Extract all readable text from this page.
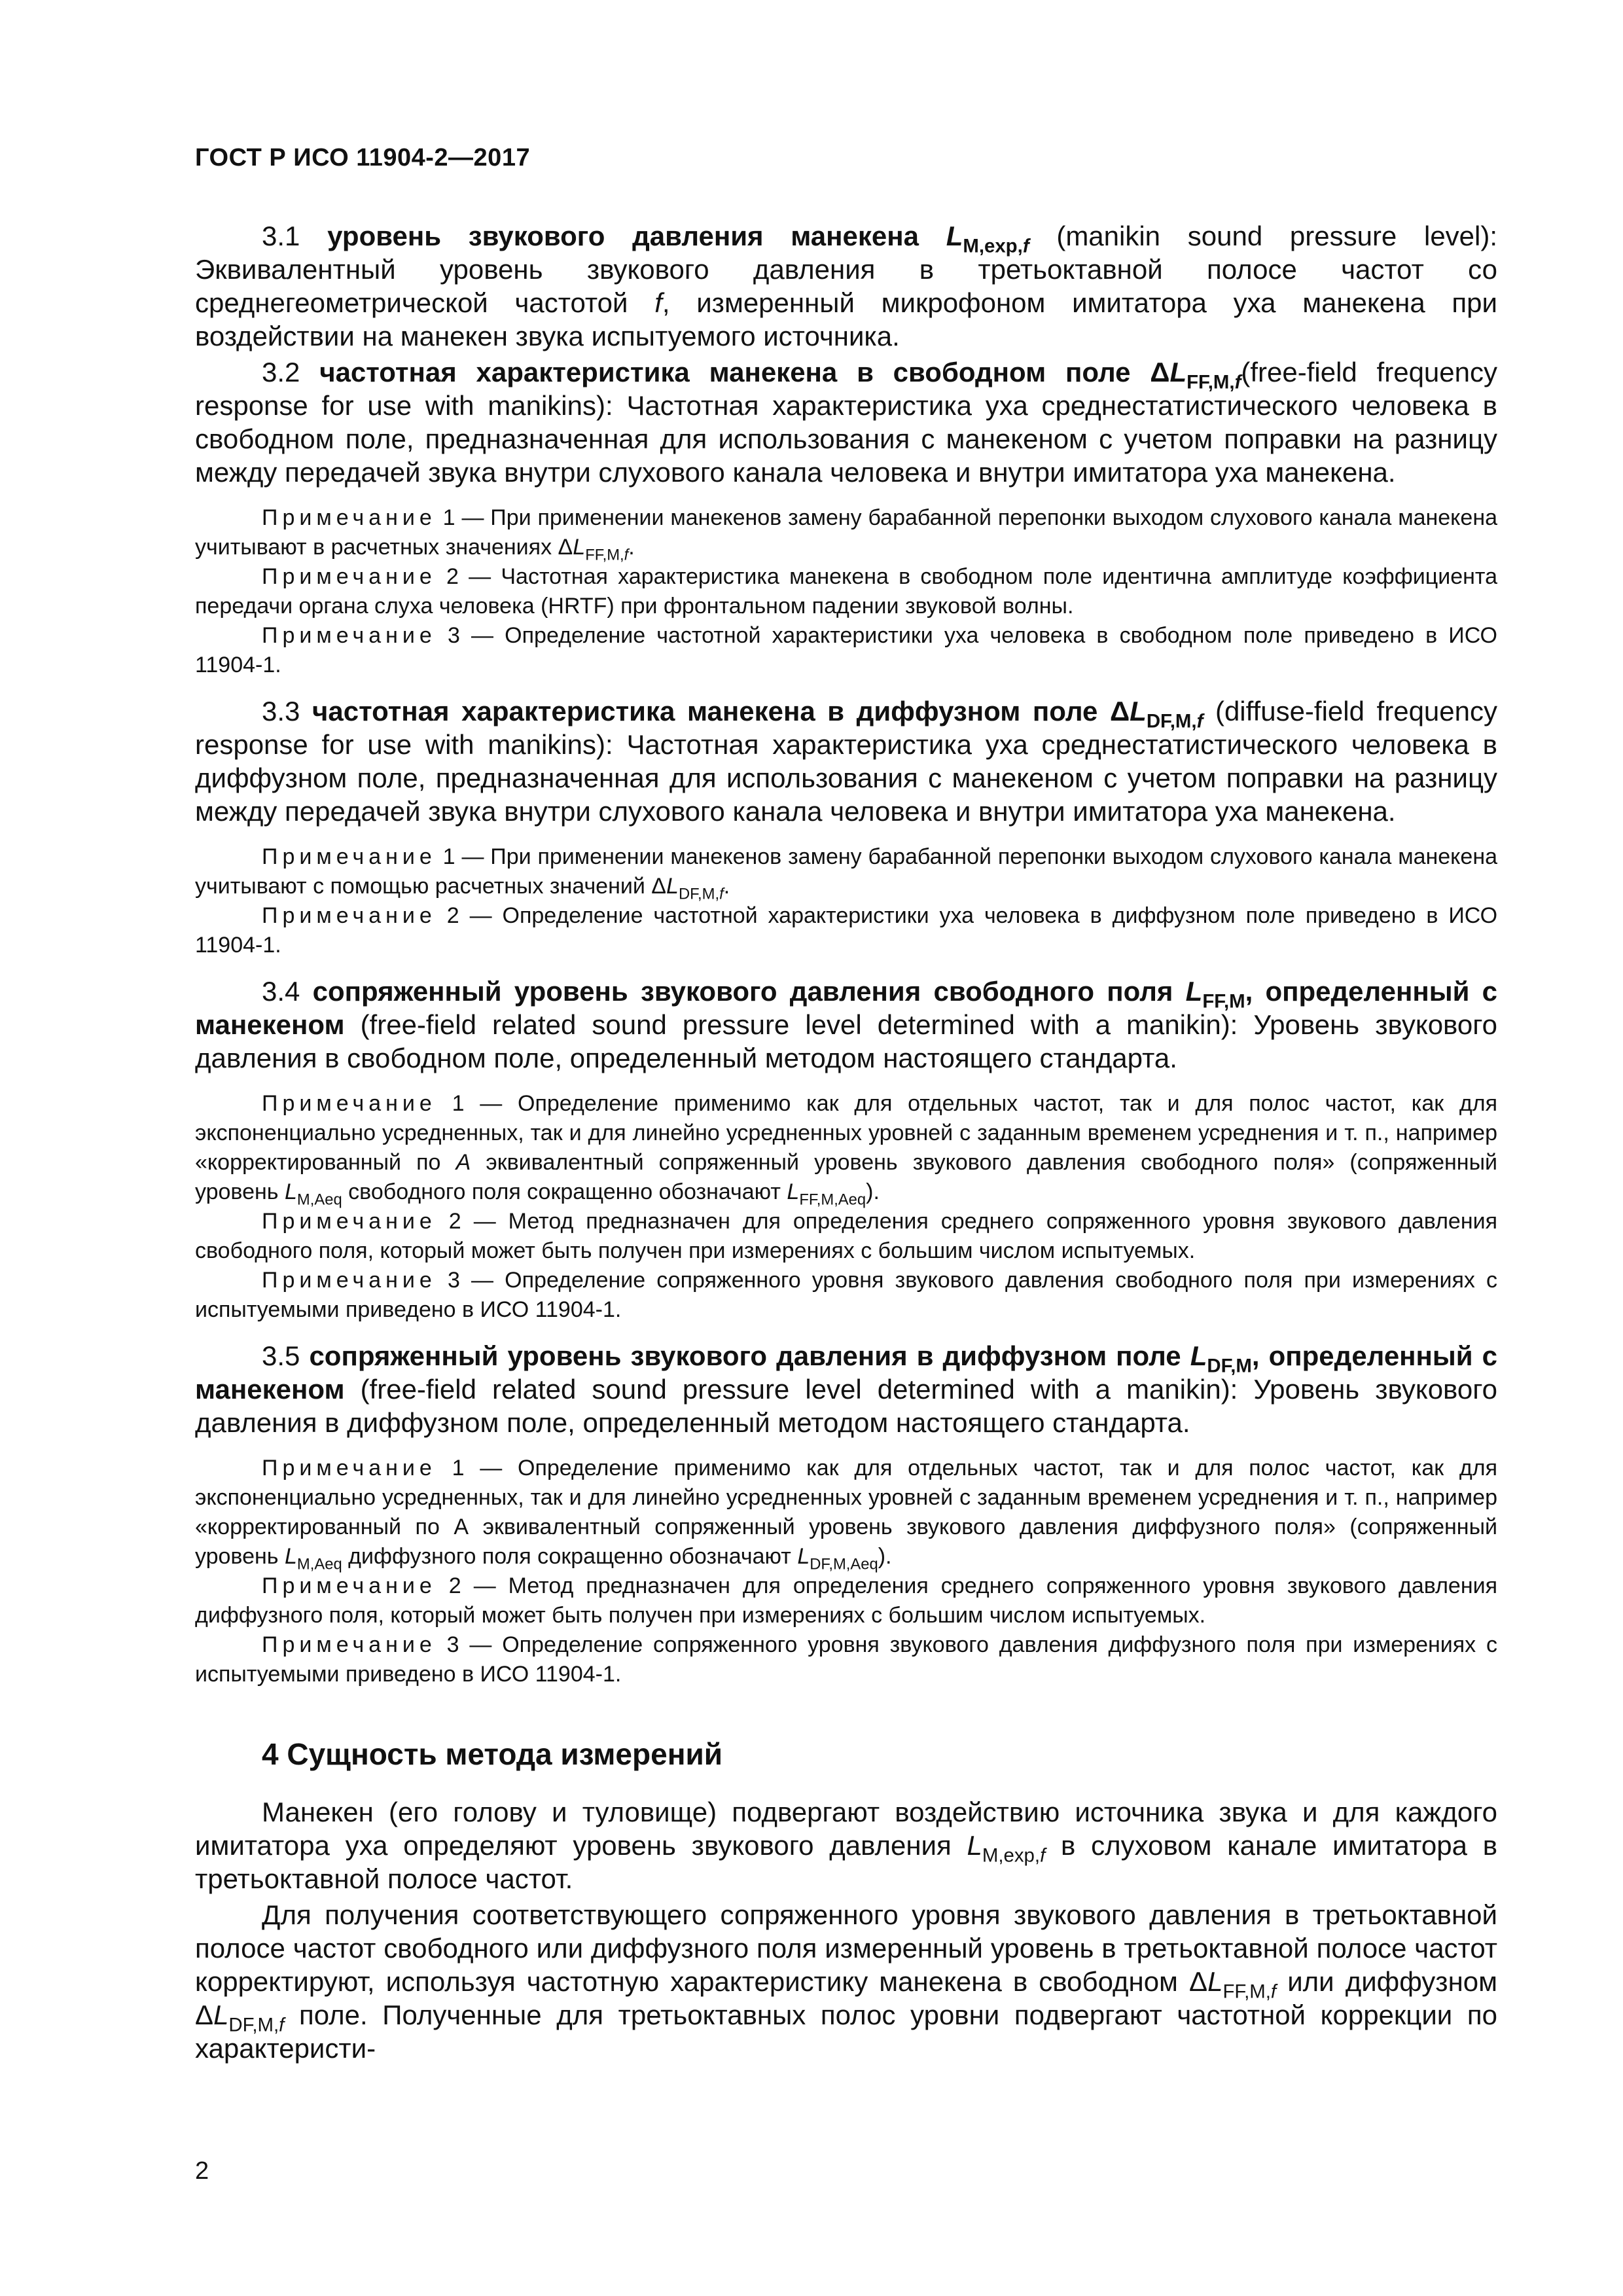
ГОСТ Р ИСО 11904-2—2017

3.1 уровень звукового давления манекена $L_{M,exp,f}$ (manikin sound pressure level): Эквивалентный уровень звукового давления в третьоктавной полосе частот со среднегеометрической частотой f, измеренный микрофоном имитатора уха манекена при воздействии на манекен звука испытуемого источника.

3.2 частотная характеристика манекена в свободном поле $\Delta L_{FF,M,f}(free$-field frequency response for use with manikins): Частотная характеристика уха среднестатистического человека в свободном поле, предназначенная для использования с манекеном с учетом поправки на разницу между передачей звука внутри слухового канала человека и внутри имитатора уха манекена.

Примечание 1 — При применении манекенов замену барабанной перепонки выходом слухового канала манекена учитывают в расчетных значениях $\Delta L_{FF,M,f}$.

Примечание 2 — Частотная характеристика манекена в свободном поле идентична амплитуде коэффициента передачи органа слуха человека (HRTF) при фронтальном падении звуковой волны.

Примечание 3 — Определение частотной характеристики уха человека в свободном поле приведено в ИСО 11904-1.

3.3 частотная характеристика манекена в диффузном поле $\Delta L_{DF,M,f}$ (diffuse-field frequency response for use with manikins): Частотная характеристика уха среднестатистического человека в диффузном поле, предназначенная для использования с манекеном с учетом поправки на разницу между передачей звука внутри слухового канала человека и внутри имитатора уха манекена.

Примечание 1 — При применении манекенов замену барабанной перепонки выходом слухового канала манекена учитывают с помощью расчетных значений $\Delta L_{DF,M,f}$.

Примечание 2 — Определение частотной характеристики уха человека в диффузном поле приведено в ИСО 11904-1.

3.4 сопряженный уровень звукового давления свободного поля $L_{FF,M}$, определенный с манекеном (free-field related sound pressure level determined with a manikin): Уровень звукового давления в свободном поле, определенный методом настоящего стандарта.

Примечание 1 — Определение применимо как для отдельных частот, так и для полос частот, как для экспоненциально усредненных, так и для линейно усредненных уровней с заданным временем усреднения и т. п., например «корректированный по A эквивалентный сопряженный уровень звукового давления свободного поля» (сопряженный уровень $L_{M,Aeq}$ свободного поля сокращенно обозначают $L_{FF,M,Aeq}$).

Примечание 2 — Метод предназначен для определения среднего сопряженного уровня звукового давления свободного поля, который может быть получен при измерениях с большим числом испытуемых.

Примечание 3 — Определение сопряженного уровня звукового давления свободного поля при измерениях с испытуемыми приведено в ИСО 11904-1.

3.5 сопряженный уровень звукового давления в диффузном поле $L_{DF,M}$, определенный с манекеном (free-field related sound pressure level determined with a manikin): Уровень звукового давления в диффузном поле, определенный методом настоящего стандарта.

Примечание 1 — Определение применимо как для отдельных частот, так и для полос частот, как для экспоненциально усредненных, так и для линейно усредненных уровней с заданным временем усреднения и т. п., например «корректированный по А эквивалентный сопряженный уровень звукового давления диффузного поля» (сопряженный уровень $L_{M,Aeq}$ диффузного поля сокращенно обозначают $L_{DF,M,Aeq}$).

Примечание 2 — Метод предназначен для определения среднего сопряженного уровня звукового давления диффузного поля, который может быть получен при измерениях с большим числом испытуемых.

Примечание 3 — Определение сопряженного уровня звукового давления диффузного поля при измерениях с испытуемыми приведено в ИСО 11904-1.

4 Сущность метода измерений

Манекен (его голову и туловище) подвергают воздействию источника звука и для каждого имитатора уха определяют уровень звукового давления $L_{M,exp,f}$ в слуховом канале имитатора в третьоктавной полосе частот.

Для получения соответствующего сопряженного уровня звукового давления в третьоктавной полосе частот свободного или диффузного поля измеренный уровень в третьоктавной полосе частот корректируют, используя частотную характеристику манекена в свободном $\Delta L_{FF,M,f}$ или диффузном $\Delta L_{DF,M,f}$ поле. Полученные для третьоктавных полос уровни подвергают частотной коррекции по характеристи-

2
